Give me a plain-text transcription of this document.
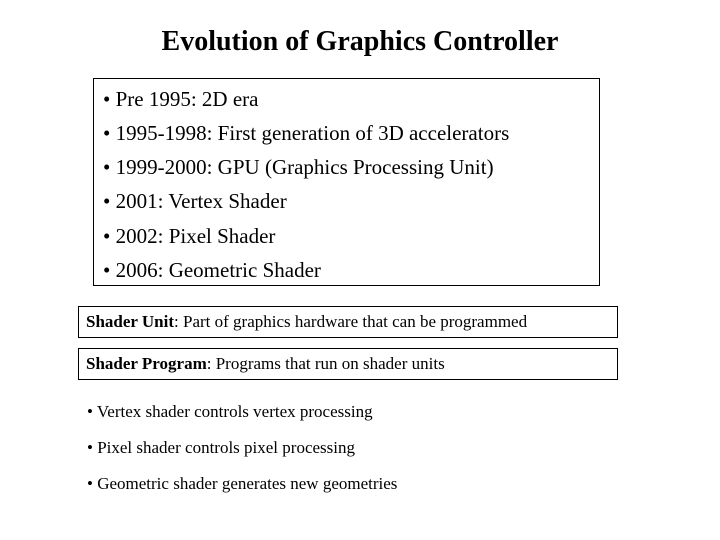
Evolution of Graphics Controller
• Pre 1995: 2D era
• 1995-1998: First generation of 3D accelerators
• 1999-2000: GPU (Graphics Processing Unit)
• 2001: Vertex Shader
• 2002: Pixel Shader
• 2006: Geometric Shader
Shader Unit: Part of graphics hardware that can be programmed
Shader Program: Programs that run on shader units
• Vertex shader controls vertex processing
• Pixel shader controls pixel processing
• Geometric shader generates new geometries
